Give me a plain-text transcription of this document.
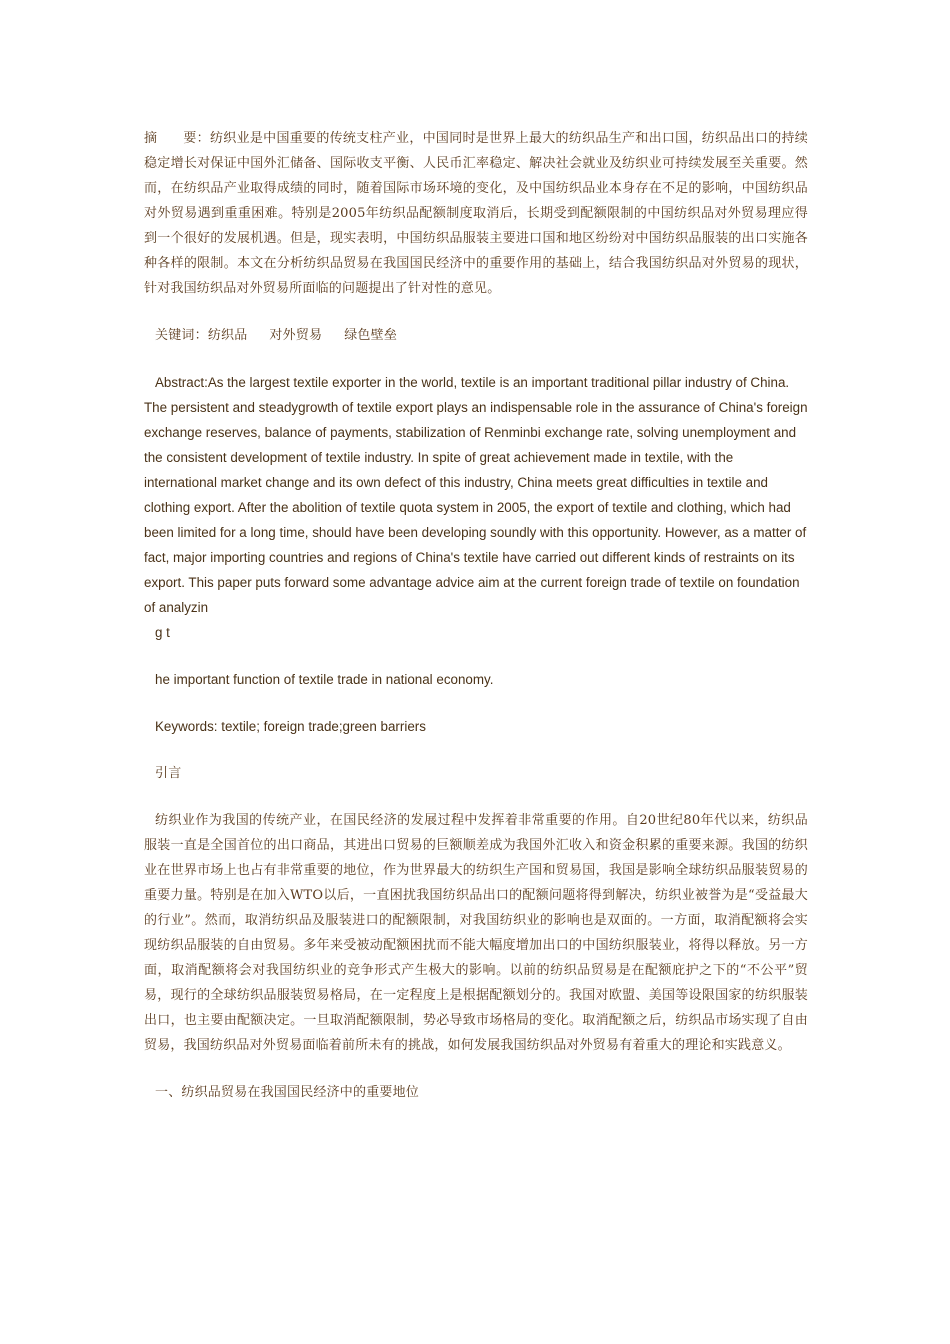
摘 要：纺织业是中国重要的传统支柱产业，中国同时是世界上最大的纺织品生产和出口国，纺织品出口的持续稳定增长对保证中国外汇储备、国际收支平衡、人民币汇率稳定、解决社会就业及纺织业可持续发展至关重要。然而，在纺织品产业取得成绩的同时，随着国际市场环境的变化，及中国纺织品业本身存在不足的影响，中国纺织品对外贸易遇到重重困难。特别是2005年纺织品配额制度取消后，长期受到配额限制的中国纺织品对外贸易理应得到一个很好的发展机遇。但是，现实表明，中国纺织品服装主要进口国和地区纷纷对中国纺织品服装的出口实施各种各样的限制。本文在分析纺织品贸易在我国国民经济中的重要作用的基础上，结合我国纺织品对外贸易的现状，针对我国纺织品对外贸易所面临的问题提出了针对性的意见。

关键词：纺织品 对外贸易 绿色壁垒

Abstract:As the largest textile exporter in the world, textile is an important traditional pillar industry of China. The persistent and steadygrowth of textile export plays an indispensable role in the assurance of China's foreign exchange reserves, balance of payments, stabilization of Renminbi exchange rate, solving unemployment and the consistent development of textile industry. In spite of great achievement made in textile, with the international market change and its own defect of this industry, China meets great difficulties in textile and clothing export. After the abolition of textile quota system in 2005, the export of textile and clothing, which had been limited for a long time, should have been developing soundly with this opportunity. However, as a matter of fact, major importing countries and regions of China's textile have carried out different kinds of restraints on its export. This paper puts forward some advantage advice aim at the current foreign trade of textile on foundation of analyzin

g t

he important function of textile trade in national economy.

Keywords: textile; foreign trade;green barriers

引言

纺织业作为我国的传统产业，在国民经济的发展过程中发挥着非常重要的作用。自20世纪80年代以来，纺织品服装一直是全国首位的出口商品，其进出口贸易的巨额顺差成为我国外汇收入和资金积累的重要来源。我国的纺织业在世界市场上也占有非常重要的地位，作为世界最大的纺织生产国和贸易国，我国是影响全球纺织品服装贸易的重要力量。特别是在加入WTO以后，一直困扰我国纺织品出口的配额问题将得到解决，纺织业被誉为是“受益最大的行业”。然而，取消纺织品及服装进口的配额限制，对我国纺织业的影响也是双面的。一方面，取消配额将会实现纺织品服装的自由贸易。多年来受被动配额困扰而不能大幅度增加出口的中国纺织服装业，将得以释放。另一方面，取消配额将会对我国纺织业的竞争形式产生极大的影响。以前的纺织品贸易是在配额庇护之下的“不公平”贸易，现行的全球纺织品服装贸易格局，在一定程度上是根据配额划分的。我国对欧盟、美国等设限国家的纺织服装出口，也主要由配额决定。一旦取消配额限制，势必导致市场格局的变化。取消配额之后，纺织品市场实现了自由贸易，我国纺织品对外贸易面临着前所未有的挑战，如何发展我国纺织品对外贸易有着重大的理论和实践意义。

一、纺织品贸易在我国国民经济中的重要地位
